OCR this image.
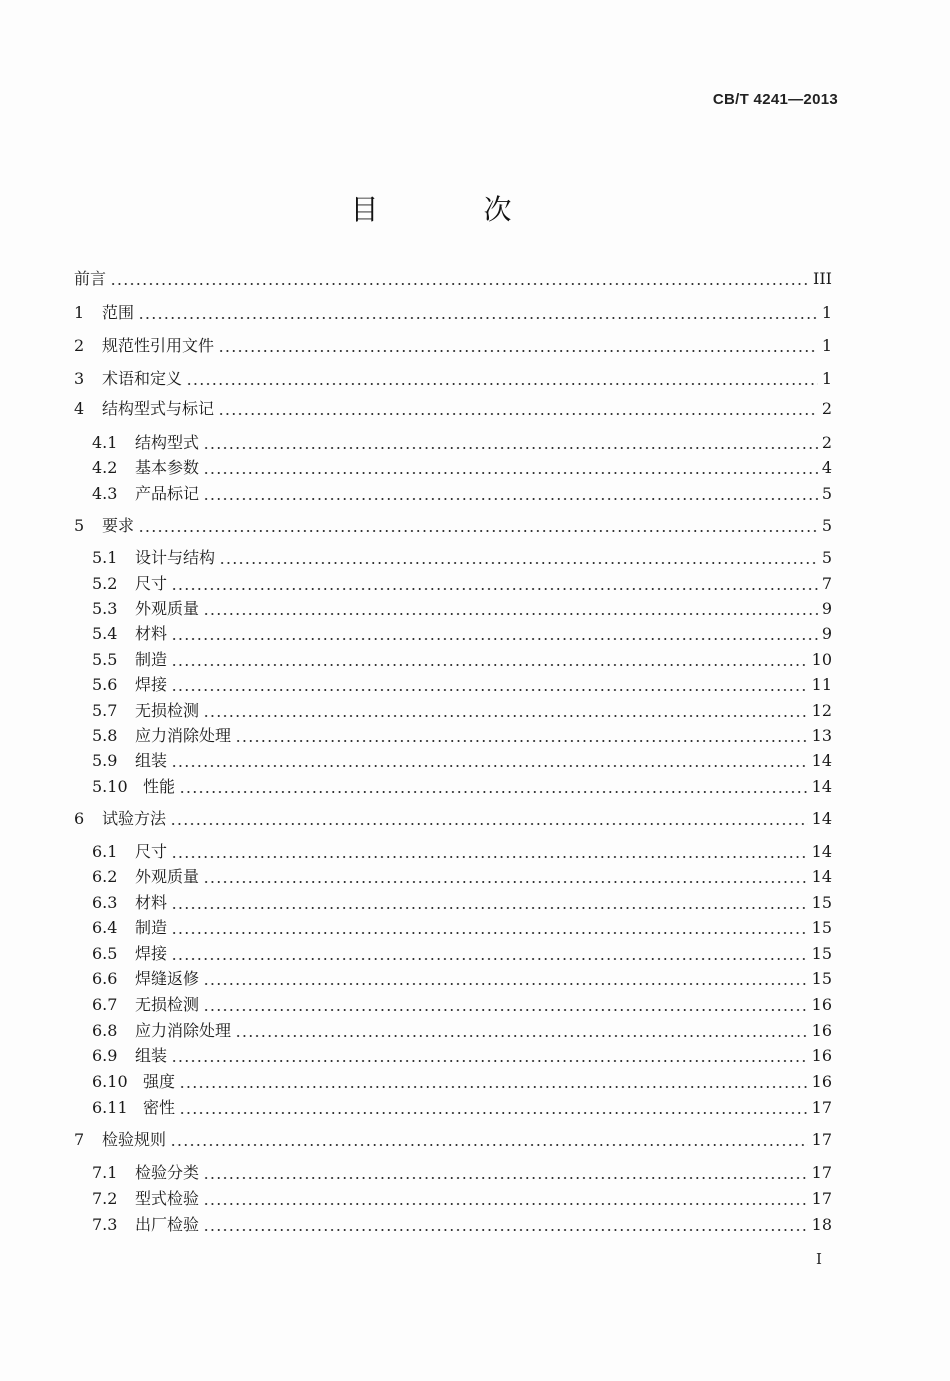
CB/T 4241—2013
目 次
前言	III
1	范围	1
2	规范性引用文件	1
3	术语和定义	1
4	结构型式与标记	2
4.1	结构型式	2
4.2	基本参数	4
4.3	产品标记	5
5	要求	5
5.1	设计与结构	5
5.2	尺寸	7
5.3	外观质量	9
5.4	材料	9
5.5	制造	10
5.6	焊接	11
5.7	无损检测	12
5.8	应力消除处理	13
5.9	组装	14
5.10 性能	14
6	试验方法	14
6.1	尺寸	14
6.2	外观质量	14
6.3	材料	15
6.4	制造	15
6.5	焊接	15
6.6	焊缝返修	15
6.7	无损检测	16
6.8	应力消除处理	16
6.9	组装	16
6.10 强度	16
6.11 密性	17
7	检验规则	17
7.1	检验分类	17
7.2	型式检验	17
7.3	出厂检验	18
I
